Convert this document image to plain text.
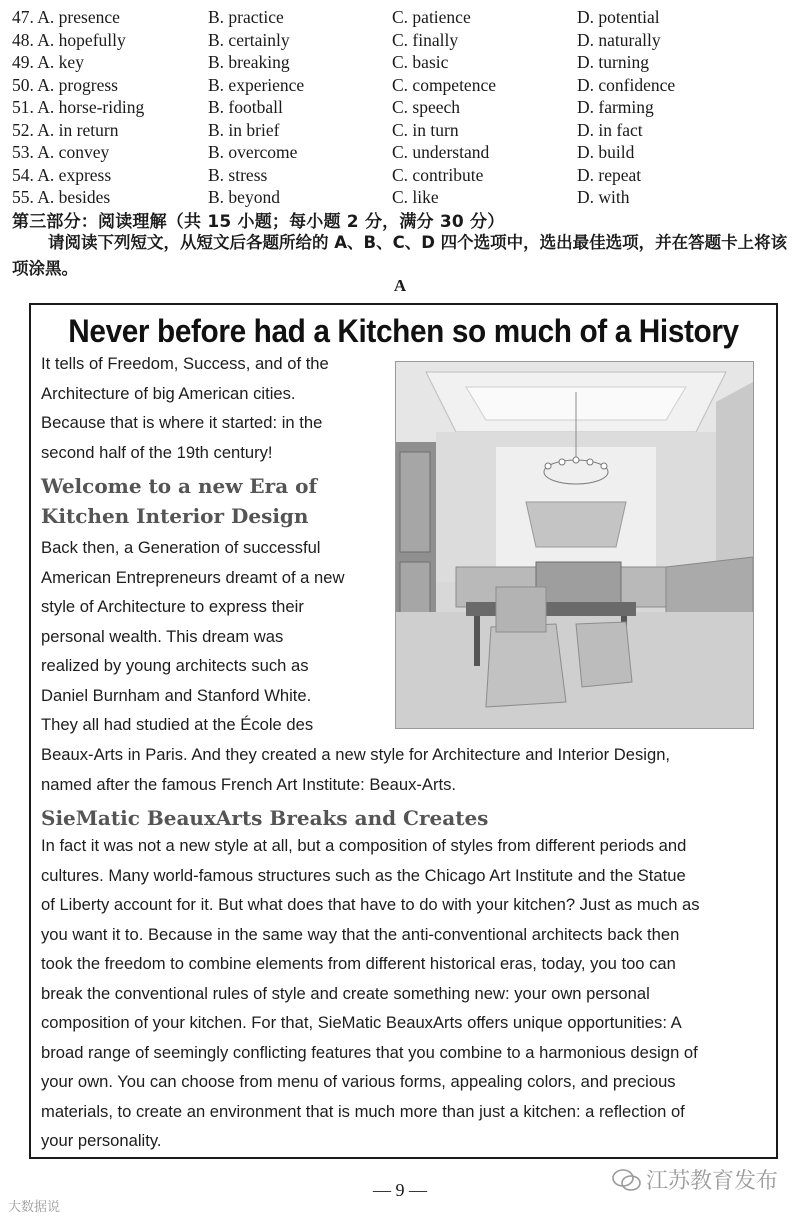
47. A. presence	B. practice	C. patience	D. potential
48. A. hopefully	B. certainly	C. finally	D. naturally
49. A. key	B. breaking	C. basic	D. turning
50. A. progress	B. experience	C. competence	D. confidence
51. A. horse-riding	B. football	C. speech	D. farming
52. A. in return	B. in brief	C. in turn	D. in fact
53. A. convey	B. overcome	C. understand	D. build
54. A. express	B. stress	C. contribute	D. repeat
55. A. besides	B. beyond	C. like	D. with
第三部分：阅读理解（共 15 小题；每小题 2 分，满分 30 分）
请阅读下列短文，从短文后各题所给的 A、B、C、D 四个选项中，选出最佳选项，并在答题卡上将该项涂黑。
A
Never before had a Kitchen so much of a History
It tells of Freedom, Success, and of the
Architecture of big American cities.
Because that is where it started: in the
second half of the 19th century!
Welcome to a new Era of
Kitchen Interior Design
Back then, a Generation of successful
American Entrepreneurs dreamt of a new
style of Architecture to express their
personal wealth. This dream was
realized by young architects such as
Daniel Burnham and Stanford White.
They all had studied at the École des
Beaux-Arts in Paris. And they created a new style for Architecture and Interior Design,
named after the famous French Art Institute: Beaux-Arts.
SieMatic BeauxArts Breaks and Creates
In fact it was not a new style at all, but a composition of styles from different periods and
cultures. Many world-famous structures such as the Chicago Art Institute and the Statue
of Liberty account for it. But what does that have to do with your kitchen? Just as much as
you want it to. Because in the same way that the anti-conventional architects back then
took the freedom to combine elements from different historical eras, today, you too can
break the conventional rules of style and create something new: your own personal
composition of your kitchen. For that, SieMatic BeauxArts offers unique opportunities: A
broad range of seemingly conflicting features that you combine to a harmonious design of
your own. You can choose from menu of various forms, appealing colors, and precious
materials, to create an environment that is much more than just a kitchen: a reflection of
your personality.
— 9 —
大数据说
江苏教育发布
